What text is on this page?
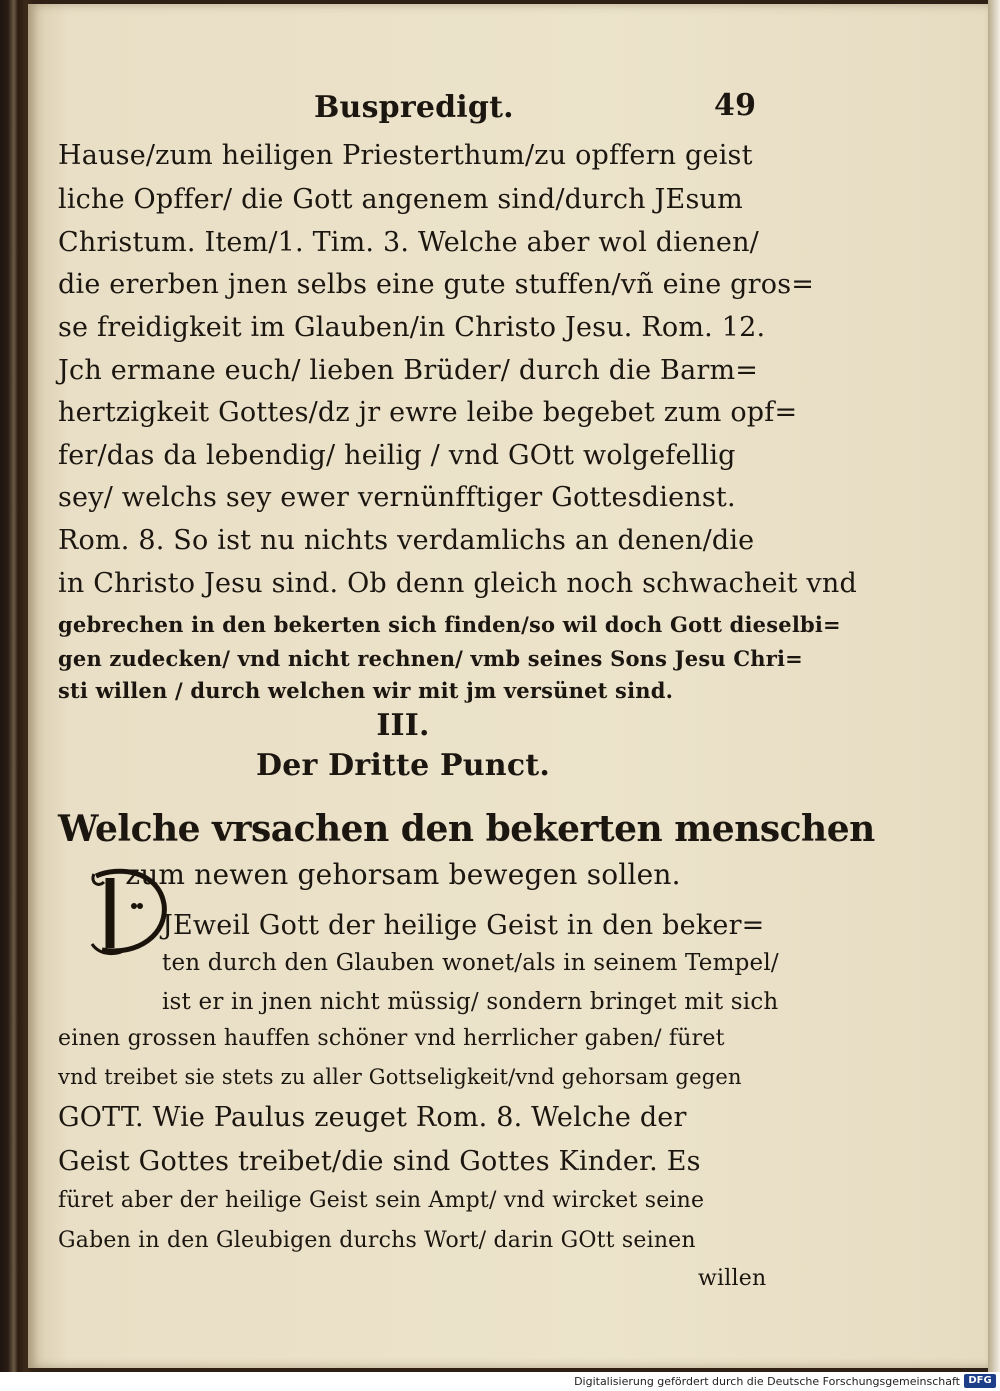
Buspredigt.	49
Hause/zum heiligen Priesterthum/zu opffern geist
liche Opffer/ die Gott angenem sind/durch JEsum
Christum. Item/1. Tim. 3. Welche aber wol dienen/
die ererben jnen selbs eine gute stuffen/vñ eine gros=
se freidigkeit im Glauben/in Christo Jesu. Rom. 12.
Jch ermane euch/ lieben Brüder/ durch die Barm=
hertzigkeit Gottes/dz jr ewre leibe begebet zum opf=
fer/das da lebendig/ heilig / vnd GOtt wolgefellig
sey/ welchs sey ewer vernünfftiger Gottesdienst.
Rom. 8. So ist nu nichts verdamlichs an denen/die
in Christo Jesu sind. Ob denn gleich noch schwacheit vnd
gebrechen in den bekerten sich finden/so wil doch Gott dieselbi=
gen zudecken/ vnd nicht rechnen/ vmb seines Sons Jesu Chri=
sti willen / durch welchen wir mit jm versünet sind.
III.
Der Dritte Punct.
Welche vrsachen den bekerten menschen
zum newen gehorsam bewegen sollen.
JEweil Gott der heilige Geist in den beker=
ten durch den Glauben wonet/als in seinem Tempel/
ist er in jnen nicht müssig/ sondern bringet mit sich
einen grossen hauffen schöner vnd herrlicher gaben/ füret
vnd treibet sie stets zu aller Gottseligkeit/vnd gehorsam gegen
GOTT. Wie Paulus zeuget Rom. 8. Welche der
Geist Gottes treibet/die sind Gottes Kinder. Es
füret aber der heilige Geist sein Ampt/ vnd wircket seine
Gaben in den Gleubigen durchs Wort/ darin GOtt seinen
willen
Digitalisierung gefördert durch die Deutsche Forschungsgemeinschaft DFG
